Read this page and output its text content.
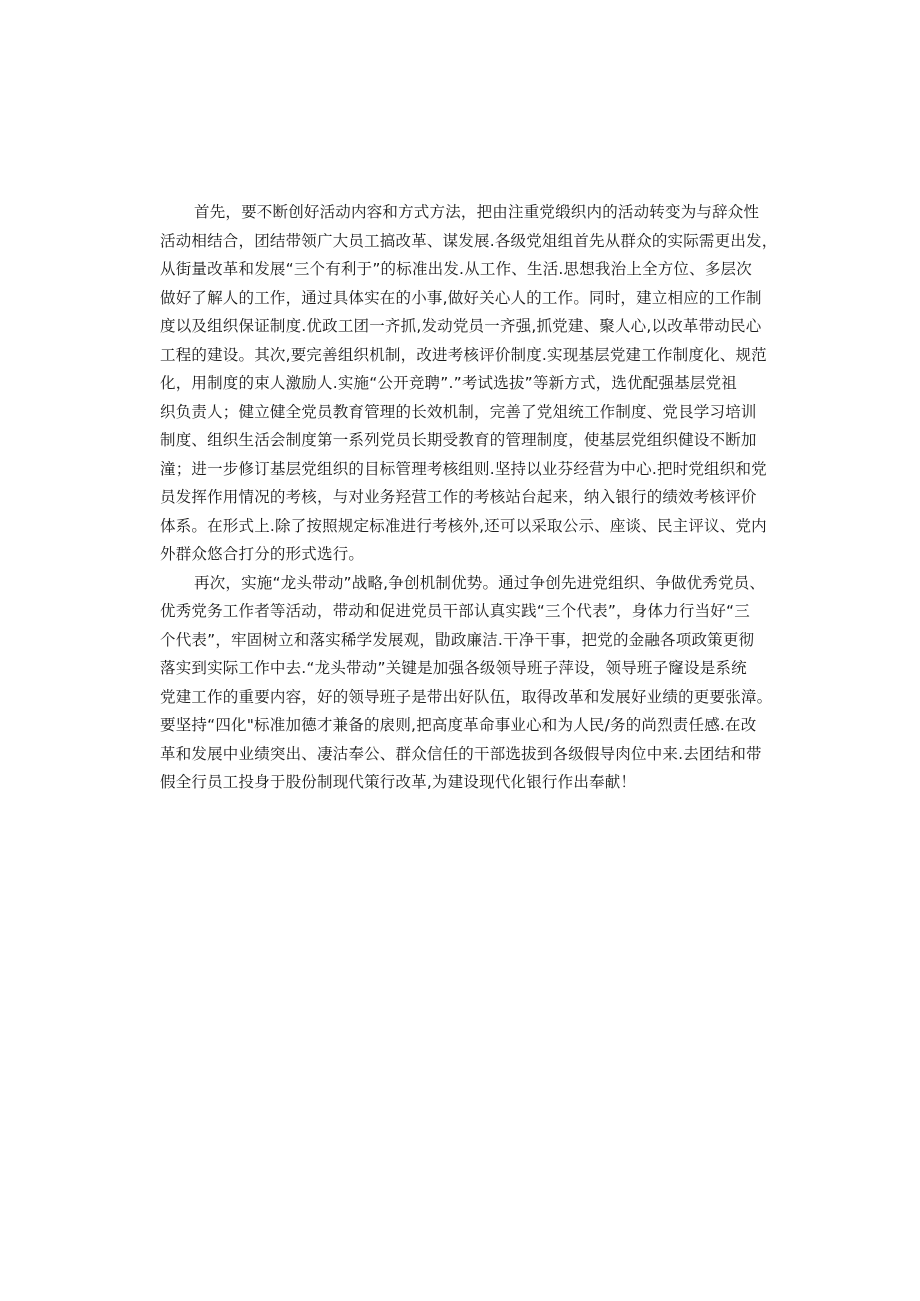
首先，要不断创好活动内容和方式方法，把由注重党缎织内的活动转变为与辞众性
活动相结合，团结带领广大员工搞改革、谋发展.各级党俎组首先从群众的实际需更出发，
从街量改革和发展“三个有利于”的标准出发.从工作、生活.思想我治上全方位、多层次
做好了解人的工作，通过具体实在的小事,做好关心人的工作。同时，建立相应的工作制
度以及组织保证制度.优政工团一齐抓,发动党员一齐强,抓党建、聚人心,以改革带动民心
工程的建设。其次,要完善组织机制，改进考核评价制度.实现基层党建工作制度化、规范
化，用制度的束人激励人.实施“公开竞聘”.”考试选拔”等新方式，选优配强基层党祖
织负责人；健立健全党员教育管理的长效机制，完善了党俎统工作制度、党艮学习培训
制度、组织生活会制度第一系列党员长期受教育的管理制度，使基层党组织健设不断加
潼；进一步修订基层党组织的目标管理考核组则.坚持以业芬经营为中心.把时党组织和党
员发挥作用情况的考核，与对业务羟营工作的考核站台起来，纳入银行的绩效考核评价
体系。在形式上.除了按照规定标准进行考核外,还可以采取公示、座谈、民主评议、党内
外群众悠合打分的形式选行。
再次，实施“龙头带动”战略,争创机制优势。通过争创先进党组织、争做优秀党员、
优秀党务工作者等活动，带动和促进党员干部认真实践“三个代表”，身体力行当好“三
个代表”，牢固树立和落实稀学发展观，勖政廉洁.干净干事，把党的金融各项政策更彻
落实到实际工作中去.“龙头带动”关键是加强各级领导班子萍设，领导班子窿设是系统
党建工作的重要内容，好的领导班子是带出好队伍，取得改革和发展好业绩的更要张漳。
要坚持“四化"标准加德才兼备的扆则,把高度革命事业心和为人民/务的尚烈责任感.在改
革和发展中业绩突出、凄沽奉公、群众信任的干部选拔到各级假导肉位中来.去团结和带
假全行员工投身于股份制现代策行改革,为建设现代化银行作出奉献！
